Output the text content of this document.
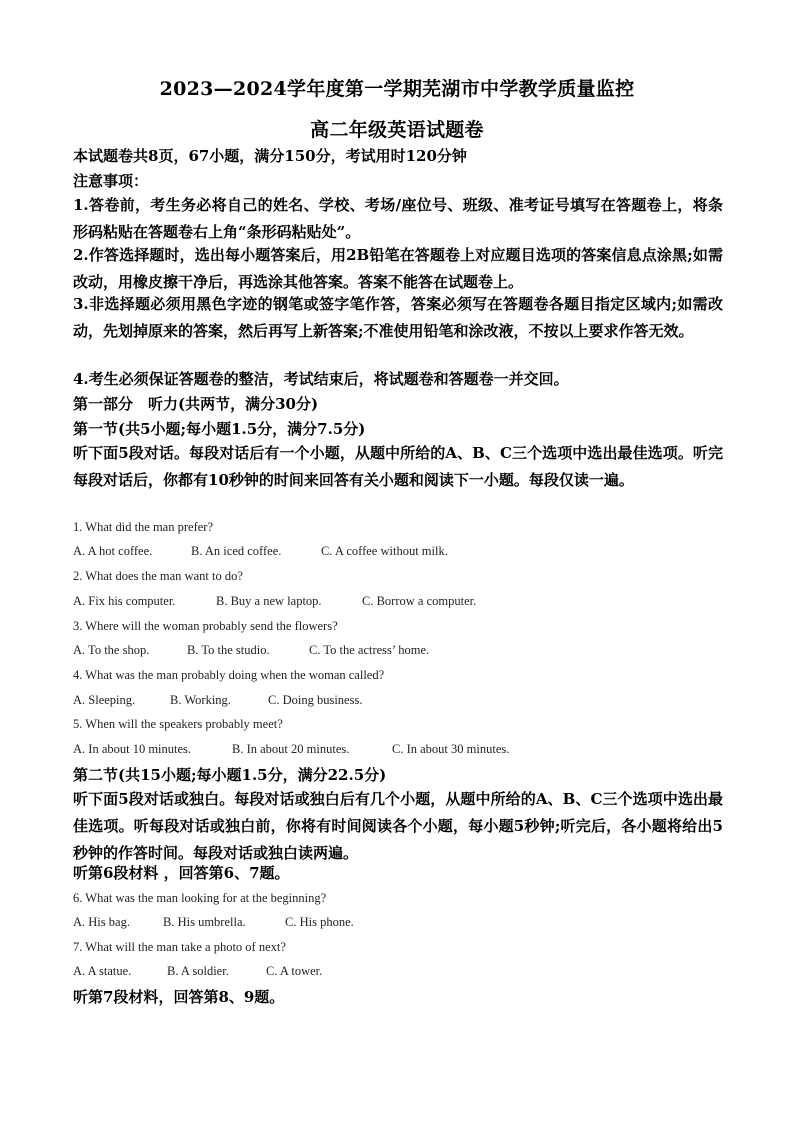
2023—2024学年度第一学期芜湖市中学教学质量监控
高二年级英语试题卷
本试题卷共8页，67小题，满分150分，考试用时120分钟
注意事项：
1.答卷前，考生务必将自己的姓名、学校、考场/座位号、班级、准考证号填写在答题卷上，将条形码粘贴在答题卷右上角“条形码粘贴处”。
2.作答选择题时，选出每小题答案后，用2B铅笔在答题卷上对应题目选项的答案信息点涂黑;如需改动，用橡皮擦干净后，再选涂其他答案。答案不能答在试题卷上。
3.非选择题必须用黑色字迹的钢笔或签字笔作答，答案必须写在答题卷各题目指定区域内;如需改动，先划掉原来的答案，然后再写上新答案;不准使用铅笔和涂改液，不按以上要求作答无效。
4.考生必须保证答题卷的整洁，考试结束后，将试题卷和答题卷一并交回。
第一部分　听力(共两节，满分30分)
第一节(共5小题;每小题1.5分，满分7.5分)
听下面5段对话。每段对话后有一个小题，从题中所给的A、B、C三个选项中选出最佳选项。听完每段对话后，你都有10秒钟的时间来回答有关小题和阅读下一小题。每段仅读一遍。
1. What did the man prefer?
A. A hot coffee.	B. An iced coffee.	C. A coffee without milk.
2. What does the man want to do?
A. Fix his computer.	B. Buy a new laptop.	C. Borrow a computer.
3. Where will the woman probably send the flowers?
A. To the shop.	B. To the studio.	C. To the actress’ home.
4. What was the man probably doing when the woman called?
A. Sleeping.	B. Working.	C. Doing business.
5. When will the speakers probably meet?
A. In about 10 minutes.	B. In about 20 minutes.	C. In about 30 minutes.
第二节(共15小题;每小题1.5分，满分22.5分)
听下面5段对话或独白。每段对话或独白后有几个小题，从题中所给的A、B、C三个选项中选出最佳选项。听每段对话或独白前，你将有时间阅读各个小题，每小题5秒钟;听完后，各小题将给出5秒钟的作答时间。每段对话或独白读两遍。
听第6段材料 ，回答第6、7题。
6. What was the man looking for at the beginning?
A. His bag.	B. His umbrella.	C. His phone.
7. What will the man take a photo of next?
A. A statue.	B. A soldier.	C. A tower.
听第7段材料，回答第8、9题。
